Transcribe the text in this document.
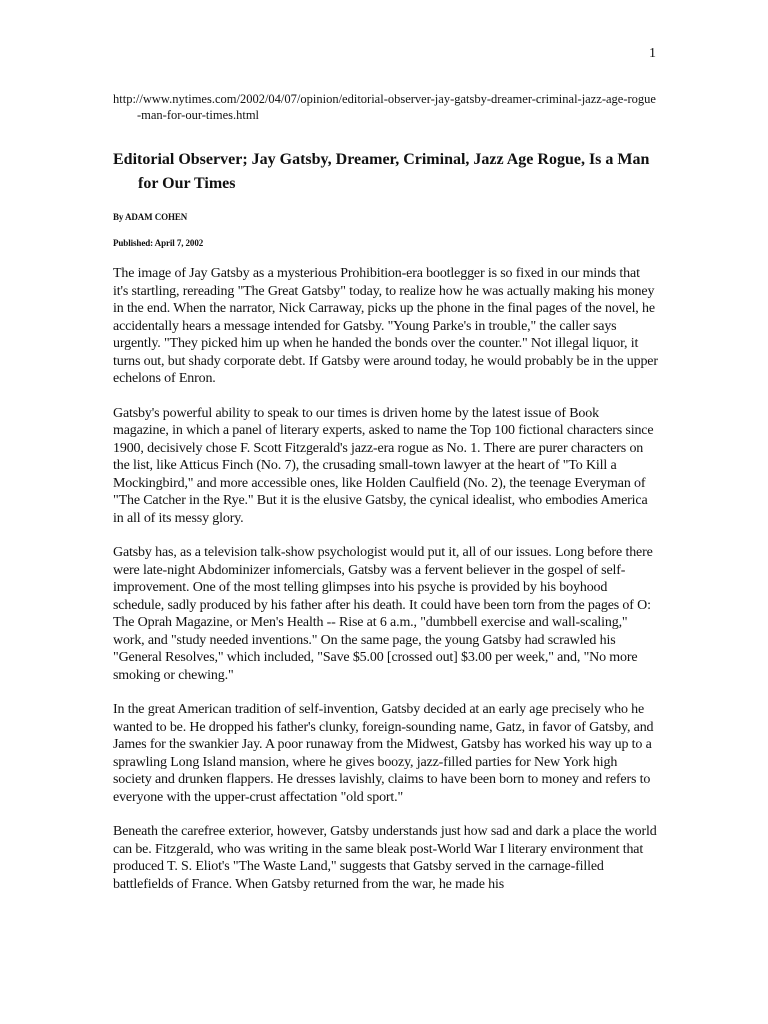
1
http://www.nytimes.com/2002/04/07/opinion/editorial-observer-jay-gatsby-dreamer-criminal-jazz-age-rogue-man-for-our-times.html
Editorial Observer; Jay Gatsby, Dreamer, Criminal, Jazz Age Rogue, Is a Man for Our Times
By ADAM COHEN
Published: April 7, 2002

The image of Jay Gatsby as a mysterious Prohibition-era bootlegger is so fixed in our minds that it's startling, rereading "The Great Gatsby" today, to realize how he was actually making his money in the end. When the narrator, Nick Carraway, picks up the phone in the final pages of the novel, he accidentally hears a message intended for Gatsby. "Young Parke's in trouble," the caller says urgently. "They picked him up when he handed the bonds over the counter." Not illegal liquor, it turns out, but shady corporate debt. If Gatsby were around today, he would probably be in the upper echelons of Enron.

Gatsby's powerful ability to speak to our times is driven home by the latest issue of Book magazine, in which a panel of literary experts, asked to name the Top 100 fictional characters since 1900, decisively chose F. Scott Fitzgerald's jazz-era rogue as No. 1. There are purer characters on the list, like Atticus Finch (No. 7), the crusading small-town lawyer at the heart of "To Kill a Mockingbird," and more accessible ones, like Holden Caulfield (No. 2), the teenage Everyman of "The Catcher in the Rye." But it is the elusive Gatsby, the cynical idealist, who embodies America in all of its messy glory.

Gatsby has, as a television talk-show psychologist would put it, all of our issues. Long before there were late-night Abdominizer infomercials, Gatsby was a fervent believer in the gospel of self-improvement. One of the most telling glimpses into his psyche is provided by his boyhood schedule, sadly produced by his father after his death. It could have been torn from the pages of O: The Oprah Magazine, or Men's Health -- Rise at 6 a.m., "dumbbell exercise and wall-scaling," work, and "study needed inventions." On the same page, the young Gatsby had scrawled his "General Resolves," which included, "Save $5.00 [crossed out] $3.00 per week," and, "No more smoking or chewing."

In the great American tradition of self-invention, Gatsby decided at an early age precisely who he wanted to be. He dropped his father's clunky, foreign-sounding name, Gatz, in favor of Gatsby, and James for the swankier Jay. A poor runaway from the Midwest, Gatsby has worked his way up to a sprawling Long Island mansion, where he gives boozy, jazz-filled parties for New York high society and drunken flappers. He dresses lavishly, claims to have been born to money and refers to everyone with the upper-crust affectation "old sport."

Beneath the carefree exterior, however, Gatsby understands just how sad and dark a place the world can be. Fitzgerald, who was writing in the same bleak post-World War I literary environment that produced T. S. Eliot's "The Waste Land," suggests that Gatsby served in the carnage-filled battlefields of France. When Gatsby returned from the war, he made his
